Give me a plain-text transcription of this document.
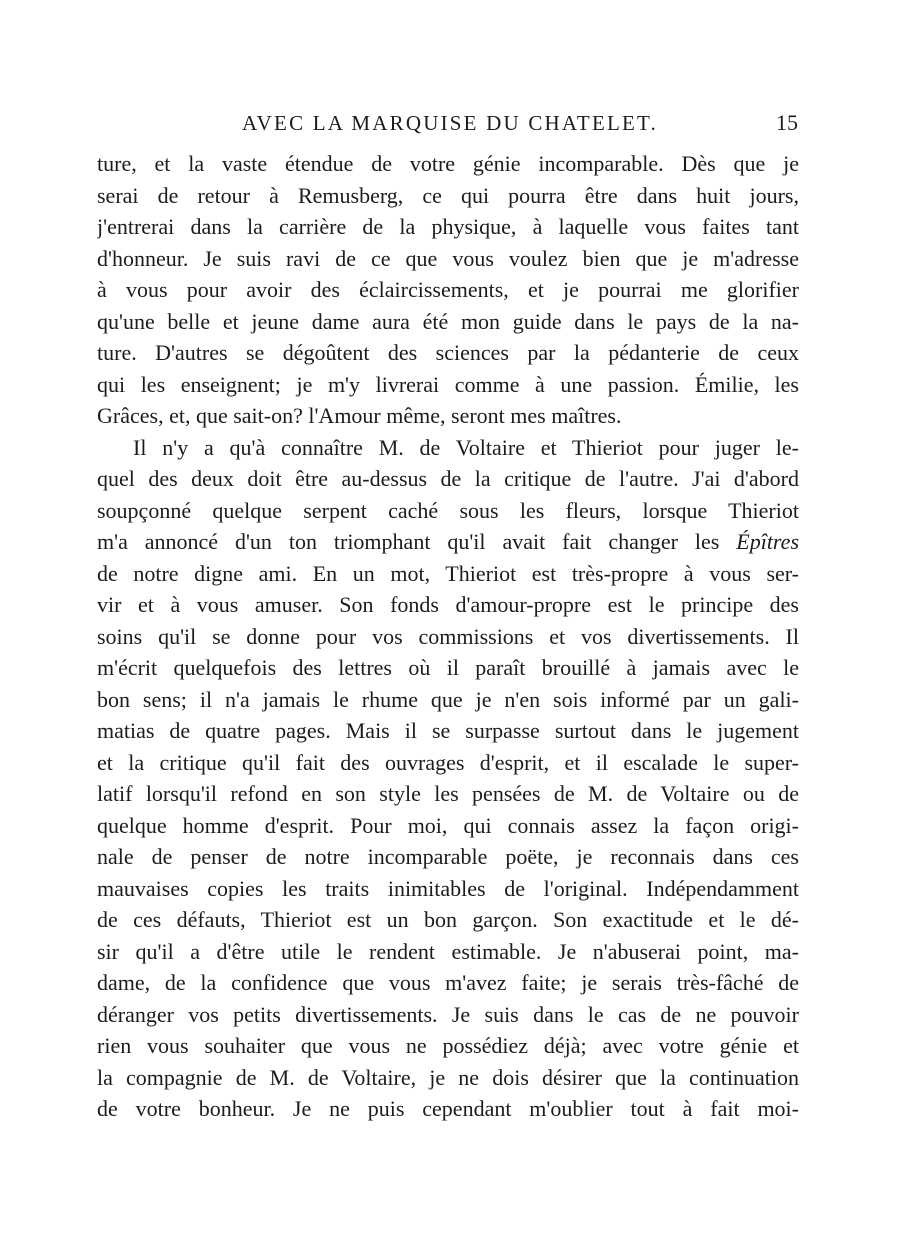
AVEC LA MARQUISE DU CHATELET.	15
ture, et la vaste étendue de votre génie incomparable. Dès que je
serai de retour à Remusberg, ce qui pourra être dans huit jours,
j'entrerai dans la carrière de la physique, à laquelle vous faites tant
d'honneur. Je suis ravi de ce que vous voulez bien que je m'adresse
à vous pour avoir des éclaircissements, et je pourrai me glorifier
qu'une belle et jeune dame aura été mon guide dans le pays de la na-
ture. D'autres se dégoûtent des sciences par la pédanterie de ceux
qui les enseignent; je m'y livrerai comme à une passion. Émilie, les
Grâces, et, que sait-on? l'Amour même, seront mes maîtres.
Il n'y a qu'à connaître M. de Voltaire et Thieriot pour juger le-
quel des deux doit être au-dessus de la critique de l'autre. J'ai d'abord
soupçonné quelque serpent caché sous les fleurs, lorsque Thieriot
m'a annoncé d'un ton triomphant qu'il avait fait changer les Épîtres
de notre digne ami. En un mot, Thieriot est très-propre à vous ser-
vir et à vous amuser. Son fonds d'amour-propre est le principe des
soins qu'il se donne pour vos commissions et vos divertissements. Il
m'écrit quelquefois des lettres où il paraît brouillé à jamais avec le
bon sens; il n'a jamais le rhume que je n'en sois informé par un gali-
matias de quatre pages. Mais il se surpasse surtout dans le jugement
et la critique qu'il fait des ouvrages d'esprit, et il escalade le super-
latif lorsqu'il refond en son style les pensées de M. de Voltaire ou de
quelque homme d'esprit. Pour moi, qui connais assez la façon origi-
nale de penser de notre incomparable poëte, je reconnais dans ces
mauvaises copies les traits inimitables de l'original. Indépendamment
de ces défauts, Thieriot est un bon garçon. Son exactitude et le dé-
sir qu'il a d'être utile le rendent estimable. Je n'abuserai point, ma-
dame, de la confidence que vous m'avez faite; je serais très-fâché de
déranger vos petits divertissements. Je suis dans le cas de ne pouvoir
rien vous souhaiter que vous ne possédiez déjà; avec votre génie et
la compagnie de M. de Voltaire, je ne dois désirer que la continuation
de votre bonheur. Je ne puis cependant m'oublier tout à fait moi-
